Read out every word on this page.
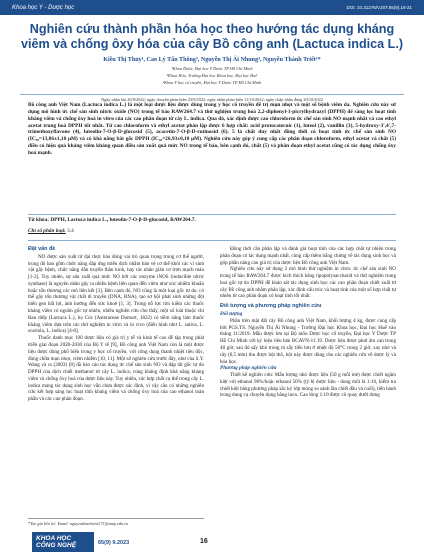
Khoa học Y - Dược học	DOI: 10.31276/VJST.65(9).16-21
Nghiên cứu thành phần hóa học theo hướng tác dụng kháng viêm và chống ôxy hóa của cây Bồ công anh (Lactuca indica L.)
Kiều Thị Thủy¹, Cao Lý Tấn Thông², Nguyễn Thị Ái Nhung³, Nguyễn Thành Triết¹*
¹Khoa Dược, Đại học Y Dược TP Hồ Chí Minh
²Khoa Hóa, Trường Đại học Khoa học, Đại học Huế
³Khoa Y học cổ truyền, Đại học Y Dược TP Hồ Chí Minh
Ngày nhận bài 20/9/2022; ngày chuyển phản biện 23/9/2022; ngày nhận phản biện 11/10/2022; ngày chấp nhận đăng 20/10/2022
Bồ công anh Việt Nam (Lactuca indica L.) là một loại dược liệu được dùng trong y học cổ truyền để trị mụn nhọt và một số bệnh viêm da. Nghiên cứu này sử dụng mô hình ức chế sản sinh nitric oxide (NO) trong tế bào RAW264.7 và thử nghiệm trung hoà 2,2-diphenyl-1-picrylhydrazyl (DPPH) để sàng lọc hoạt tính kháng viêm và chống ôxy hoá in vitro của các cao phân đoạn từ cây L. indica. Qua đó, xác định được cao chloroform ức chế sản sinh NO mạnh nhất và cao ethyl acetat trung hoà DPPH tốt nhất. Từ cao chloroform và ethyl acetat phân lập được 6 hợp chất: acid protocatecuic (1), luteol (2), vanillin (3), 5-hydroxy-3',4',7-trimethoxyflavone (4), luteolin-7-O-β-D-glucosid (5), acacetin-7-O-β-D-rutinosid (6). 5 là chất duy nhất đồng thời có hoạt tính ức chế sản sinh NO (IC₅₀=13,86±1,10 μM) và có khả năng bắt gốc DPPH (IC₅₀=26,93±0,10 μM). Nghiên cứu này góp ý cung cấp các phân đoạn chloroform, ethyl acetat và chất (5) điều có hiệu quả kháng viêm kháng quan điều sản xuất quả mức NO trong tế bào, bên cạnh đó, chất (5) và phân đoạn ethyl acetat cũng có tác dụng chống ôxy hoá mạnh.
Từ khóa: DPPH, Lactuca indica L., luteolin-7-O-β-D-glucosid, RAW264.7.
Chỉ số phân loại: 3.4
Đặt vấn đề
NO được sản xuất từ đại thực bào đóng vai trò quan trọng trong cơ thể người, trong đó bao gồm chức năng đáp ứng miễn dịch nhằm bảo vệ cơ thể khỏi các vi sinh vật gây bệnh, chức năng dẫn truyền thần kinh, hay tác nhân giãn cơ trơn mạch máu [1-2]. Tuy nhiên, sự sản xuất quá mức NO bởi các enzyme iNOS (inducible nitric synthase) là nguyên nhân gây ra nhiều bệnh liên quan đến viêm như xúc nhiễm khuẩn hoặc tổn thương các mô liên kết [3]. Bên cạnh đó, NO cũng là một loại gốc tự do, có thể gây tổn thương vật chất di truyền (DNA, RNA), tạo sơ hội phát sinh những đột biến gen bất lợi, ảnh hưởng đến sức khoẻ [1, 3]. Trong nỗ lực tìm kiếm các thuốc kháng viêm có nguồn gốc tự nhiên, nhiều nghiên cứu cho thấy, một số loài thuộc chi Rau diếp (Lactuca L.), họ Cúc (Asteraceae Dumort, 1822) có tiềm năng làm thuốc kháng viêm dựa trên các thử nghiệm in vitro và in vivo (điển hình như L. sativa, L. scariola, L. indica) [4-8].
Thuốc danh mục 100 dược liệu có giá trị y tế và kinh tế cao để tập trung phát triển giai đoạn 2020-2030 của Bộ Y tế [9], Bồ công anh Việt Nam còn là một dược liệu được dùng phổ biến trong y học cổ truyền, với công dụng thanh nhiệt tiêu độc, dùng chữa mụn nhọt, viêm nhiễm [10, 11]. Một số nghiên cứu trước đây, như của S.Y. Wang và cs (2003) [8] đã báo cáo tác dụng ức chế sản sinh NO và dập tắt gốc tự do DPPH của dịch chiết methanol từ cây L. indica, cùng khảng định khả năng kháng viêm và chống ôxy hoá của dược liệu này. Tuy nhiên, các hợp chất cụ thể trong cây L. indica mang tác dụng sinh học vẫn chưa được xác định, vì vậy cần có những nghiên cứu kết hợp sàng lọc hoạt tính kháng viêm và chống ôxy hoá của cao ethanol toàn phần và các cao phân đoạn.
Đồng thời cần phân lập và đánh giá hoạt tính của các hợp chất tự nhiên trong phân đoạn có tác dụng mạnh nhất, cùng cấp thêm bằng chứng về tác dụng sinh học và góp phần nâng cao giá trị của dược liệu Bồ công anh Việt Nam.
Nghiên cứu này sử dụng 2 mô hình thử nghiệm in vitro: ức chế sản sinh NO trong tế bào RAW264.7 được kích thích bằng lipopolysaccharid và thử nghiệm trung hoà gốc tự do DPPH để khảo sát tác dụng sinh học các cao phân đoạn chiết xuất từ cây Bồ công anh nhằm phân lập, xác định cấu trúc và hoạt tính của một số hợp chất tự nhiên từ cao phân đoạn có hoạt tính tốt nhất.
Đối tượng và phương pháp nghiên cứu
Đối tượng
Phần trên mặt đất cây Bồ công anh Việt Nam, khối lượng 4 kg, được cung cấp bởi PGS.TS. Nguyễn Thị Ái Nhung - Trường Đại học Khoa học, Đại học Huế vào tháng 11/2019. Mẫu được lưu tại Bộ môn Dược học cổ truyền, Đại học Y Dược TP Hồ Chí Minh với ký hiệu tiêu bản BCAVN-11.19. Dược liệu được phơi âm can trong 48 giờ, sau đó sấy khô trong tủ sấy tiểu lưu ở nhiệt độ 50°C trong 2 giờ, xay nhỏ và rây (0,5 mm) thu được bột thô, bột này được dùng cho các nghiên cứu về dược lý và hóa học.
Phương pháp nghiên cứu
Thiết kế nghiên cứu: Mẫu lượng nhỏ được liệu (50 g mỗi mẻ) được chiết ngâm kiệt với ethanol 96%/hoặc ethanol 50% (tỷ lệ dược liệu - dung môi là 1:10, kiểm tra chiết kiệt bằng phương pháp sắc ký lớp mỏng so sánh lần chiết đầu và cuối), tiến hành trong dung cụ chuyên dụng bằng inox. Cao lỏng 1:10 được cô quay dưới dưng
*Tác giả liên hệ: Email: nguyenthanhtriet171@ump.edu.vn
KHOA HỌC
CÔNG NGHỆ	65(9) 9.2023	16
